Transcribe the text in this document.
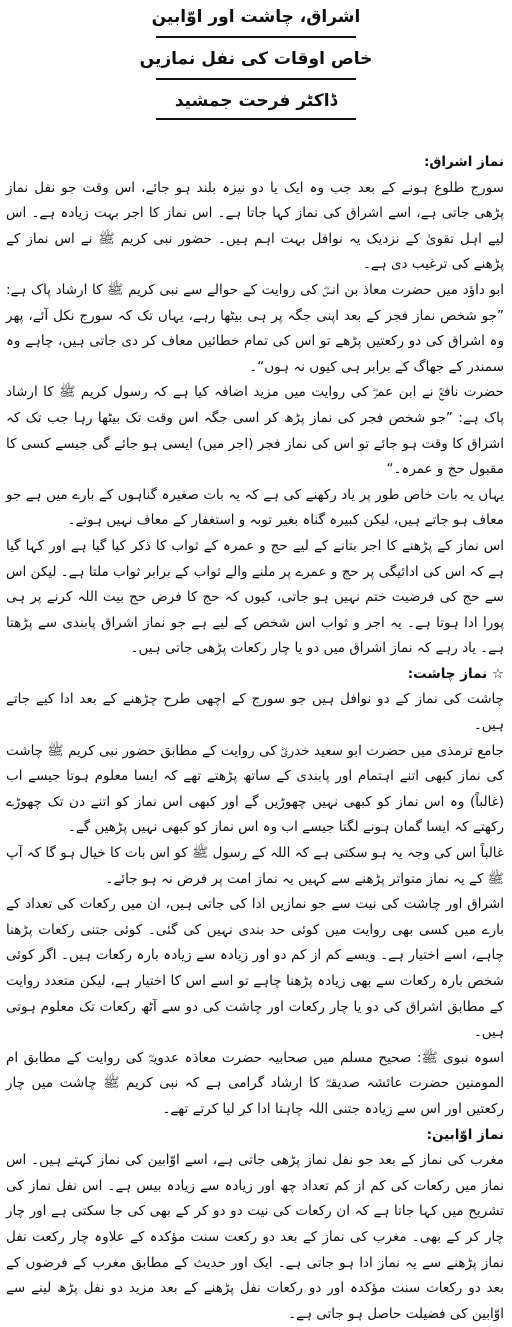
اشراق، چاشت اور اوّابین
خاص اوقات کی نفل نمازیں
ڈاکٹر فرحت جمشید

نماز اشراق:

سورج طلوع ہونے کے بعد جب وہ ایک یا دو نیزہ بلند ہو جائے، اس وقت جو نفل نماز پڑھی جاتی ہے، اسے اشراق کی نماز کہا جاتا ہے۔ اس نماز کا اجر بہت زیادہ ہے۔ اس لیے اہل تقویٰ کے نزدیک یہ نوافل بہت اہم ہیں۔ حضور نبی کریم ﷺ نے اس نماز کے پڑھنے کی ترغیب دی ہے۔

ابو داؤد میں حضرت معاذ بن انسؓ کی روایت کے حوالے سے نبی کریم ﷺ کا ارشاد پاک ہے: ”جو شخص نماز فجر کے بعد اپنی جگہ پر ہی بیٹھا رہے، یہاں تک کہ سورج نکل آئے، پھر وہ اشراق کی دو رکعتیں پڑھے تو اس کی تمام خطائیں معاف کر دی جاتی ہیں، چاہے وہ سمندر کے جھاگ کے برابر ہی کیوں نہ ہوں“۔

حضرت نافعؒ نے ابن عمرؓ کی روایت میں مزید اضافہ کیا ہے کہ رسول کریم ﷺ کا ارشاد پاک ہے: ”جو شخص فجر کی نماز پڑھ کر اسی جگہ اس وقت تک بیٹھا رہا جب تک کہ اشراق کا وقت ہو جائے تو اس کی نماز فجر (اجر میں) ایسی ہو جائے گی جیسے کسی کا مقبول حج و عمرہ۔“

یہاں یہ بات خاص طور پر یاد رکھنے کی ہے کہ یہ بات صغیرہ گناہوں کے بارے میں ہے جو معاف ہو جاتے ہیں، لیکن کبیرہ گناہ بغیر توبہ و استغفار کے معاف نہیں ہوتے۔

اس نماز کے پڑھنے کا اجر بتانے کے لیے حج و عمرہ کے ثواب کا ذکر کیا گیا ہے اور کہا گیا ہے کہ اس کی ادائیگی پر حج و عمرے پر ملنے والے ثواب کے برابر ثواب ملتا ہے۔ لیکن اس سے حج کی فرضیت ختم نہیں ہو جاتی، کیوں کہ حج کا فرض حج بیت اللہ کرنے پر ہی پورا ادا ہوتا ہے۔ یہ اجر و ثواب اس شخص کے لیے ہے جو نماز اشراق پابندی سے پڑھتا ہے۔ یاد رہے کہ نماز اشراق میں دو یا چار رکعات پڑھی جاتی ہیں۔

☆ نماز چاشت:

چاشت کی نماز کے دو نوافل ہیں جو سورج کے اچھی طرح چڑھنے کے بعد ادا کیے جاتے ہیں۔

جامع ترمذی میں حضرت ابو سعید خدریؓ کی روایت کے مطابق حضور نبی کریم ﷺ چاشت کی نماز کبھی اتنے اہتمام اور پابندی کے ساتھ پڑھتے تھے کہ ایسا معلوم ہوتا جیسے اب (غالباً) وہ اس نماز کو کبھی نہیں چھوڑیں گے اور کبھی اس نماز کو اتنے دن تک چھوڑے رکھتے کہ ایسا گمان ہونے لگتا جیسے اب وہ اس نماز کو کبھی نہیں پڑھیں گے۔

غالباً اس کی وجہ یہ ہو سکتی ہے کہ اللہ کے رسول ﷺ کو اس بات کا خیال ہو گا کہ آپ ﷺ کے یہ نماز متواتر پڑھنے سے کہیں یہ نماز امت پر فرض نہ ہو جائے۔

اشراق اور چاشت کی نیت سے جو نمازیں ادا کی جاتی ہیں، ان میں رکعات کی تعداد کے بارے میں کسی بھی روایت میں کوئی حد بندی نہیں کی گئی۔ کوئی جتنی رکعات پڑھنا چاہے، اسے اختیار ہے۔ ویسے کم از کم دو اور زیادہ سے زیادہ بارہ رکعات ہیں۔ اگر کوئی شخص بارہ رکعات سے بھی زیادہ پڑھنا چاہے تو اسے اس کا اختیار ہے، لیکن متعدد روایت کے مطابق اشراق کی دو یا چار رکعات اور چاشت کی دو سے آٹھ رکعات تک معلوم ہوتی ہیں۔

اسوہ نبوی ﷺ: صحیح مسلم میں صحابیہ حضرت معاذہ عدویہؓ کی روایت کے مطابق ام المومنین حضرت عائشہ صدیقہؓ کا ارشاد گرامی ہے کہ نبی کریم ﷺ چاشت میں چار رکعتیں اور اس سے زیادہ جتنی اللہ چاہتا ادا کر لیا کرتے تھے۔

نماز اوّابین:

مغرب کی نماز کے بعد جو نفل نماز پڑھی جاتی ہے، اسے اوّابین کی نماز کہتے ہیں۔ اس نماز میں رکعات کی کم از کم تعداد چھ اور زیادہ سے زیادہ بیس ہے۔ اس نفل نماز کی تشریح میں کہا جاتا ہے کہ ان رکعات کی نیت دو دو کر کے بھی کی جا سکتی ہے اور چار چار کر کے بھی۔ مغرب کی نماز کے بعد دو رکعت سنت مؤکدہ کے علاوہ چار رکعت نفل نماز پڑھنے سے یہ نماز ادا ہو جاتی ہے۔ ایک اور حدیث کے مطابق مغرب کے فرضوں کے بعد دو رکعات سنت مؤکدہ اور دو رکعات نفل پڑھنے کے بعد مزید دو نفل پڑھ لینے سے اوّابین کی فضیلت حاصل ہو جاتی ہے۔
